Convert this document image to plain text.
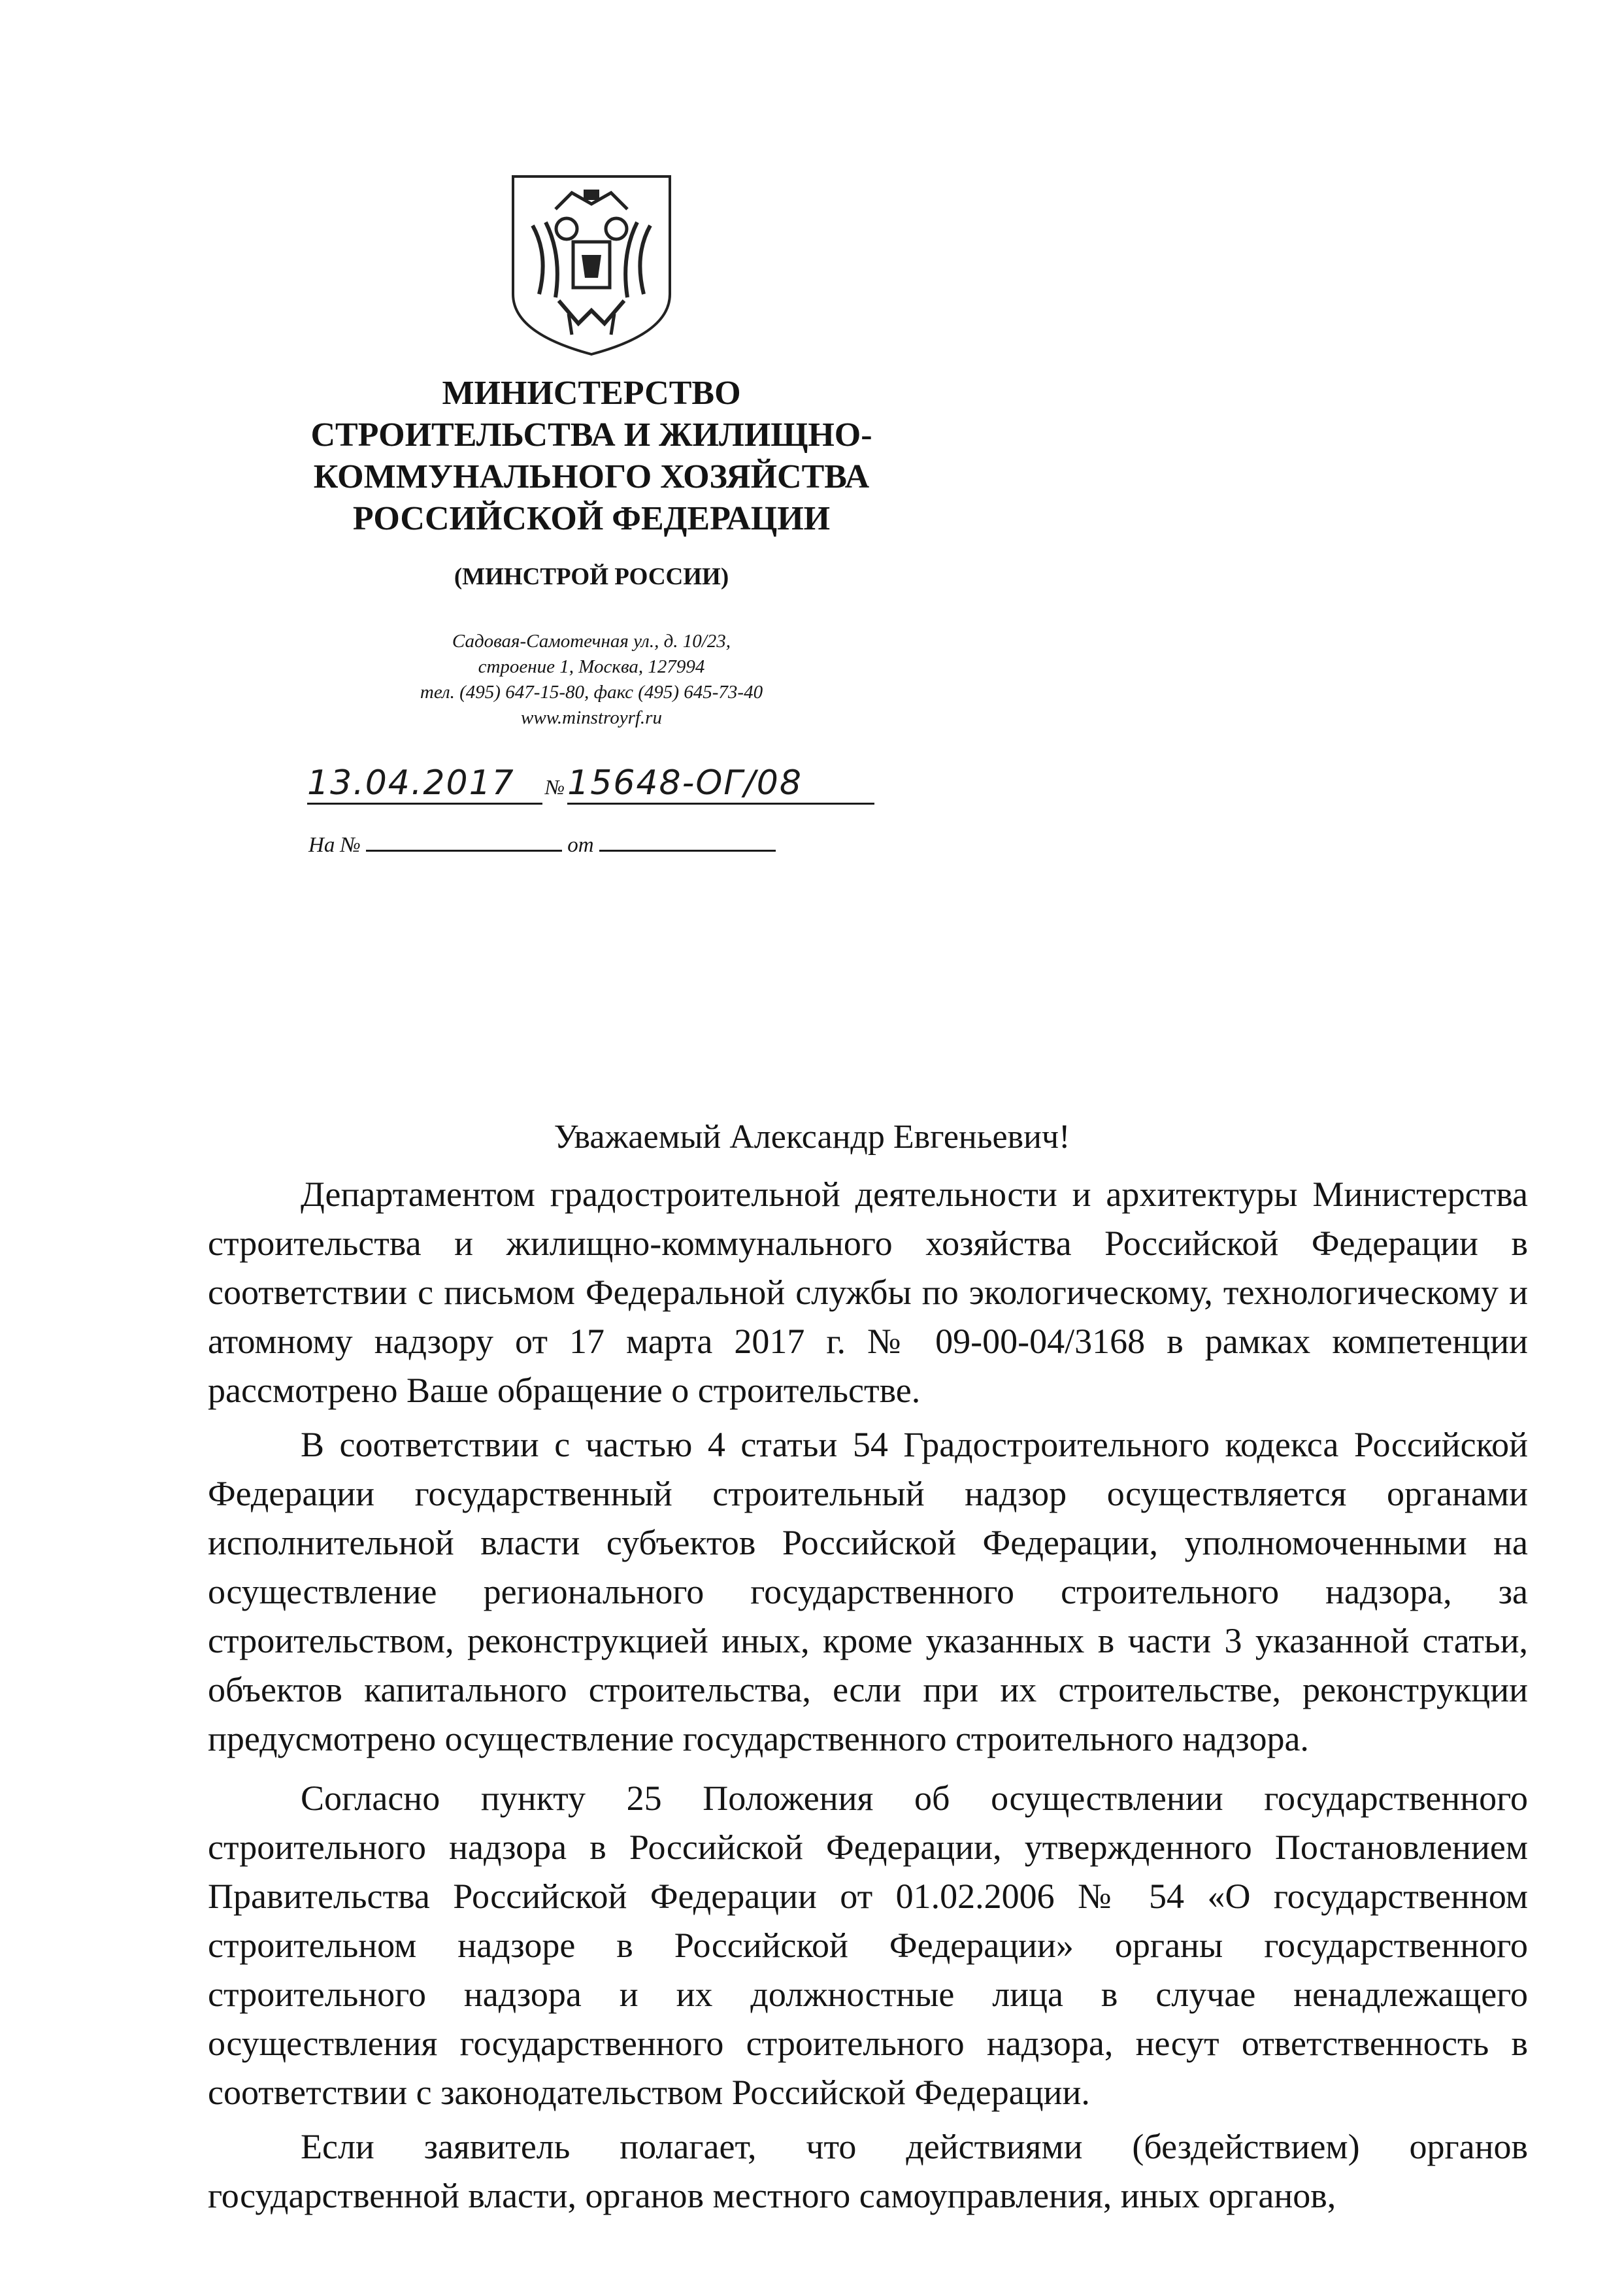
МИНИСТЕРСТВО
СТРОИТЕЛЬСТВА И ЖИЛИЩНО-
КОММУНАЛЬНОГО ХОЗЯЙСТВА
РОССИЙСКОЙ ФЕДЕРАЦИИ
(МИНСТРОЙ РОССИИ)
Садовая-Самотечная ул., д. 10/23,
строение 1, Москва, 127994
тел. (495) 647-15-80, факс (495) 645-73-40
www.minstroyrf.ru
13.04.2017 № 15648-ОГ/08
На №	от
Уважаемый Александр Евгеньевич!

Департаментом градостроительной деятельности и архитектуры Министерства строительства и жилищно-коммунального хозяйства Российской Федерации в соответствии с письмом Федеральной службы по экологическому, технологическому и атомному надзору от 17 марта 2017 г. № 09-00-04/3168 в рамках компетенции рассмотрено Ваше обращение о строительстве.

В соответствии с частью 4 статьи 54 Градостроительного кодекса Российской Федерации государственный строительный надзор осуществляется органами исполнительной власти субъектов Российской Федерации, уполномоченными на осуществление регионального государственного строительного надзора, за строительством, реконструкцией иных, кроме указанных в части 3 указанной статьи, объектов капитального строительства, если при их строительстве, реконструкции предусмотрено осуществление государственного строительного надзора.

Согласно пункту 25 Положения об осуществлении государственного строительного надзора в Российской Федерации, утвержденного Постановлением Правительства Российской Федерации от 01.02.2006 № 54 «О государственном строительном надзоре в Российской Федерации» органы государственного строительного надзора и их должностные лица в случае ненадлежащего осуществления государственного строительного надзора, несут ответственность в соответствии с законодательством Российской Федерации.

Если заявитель полагает, что действиями (бездействием) органов государственной власти, органов местного самоуправления, иных органов,
